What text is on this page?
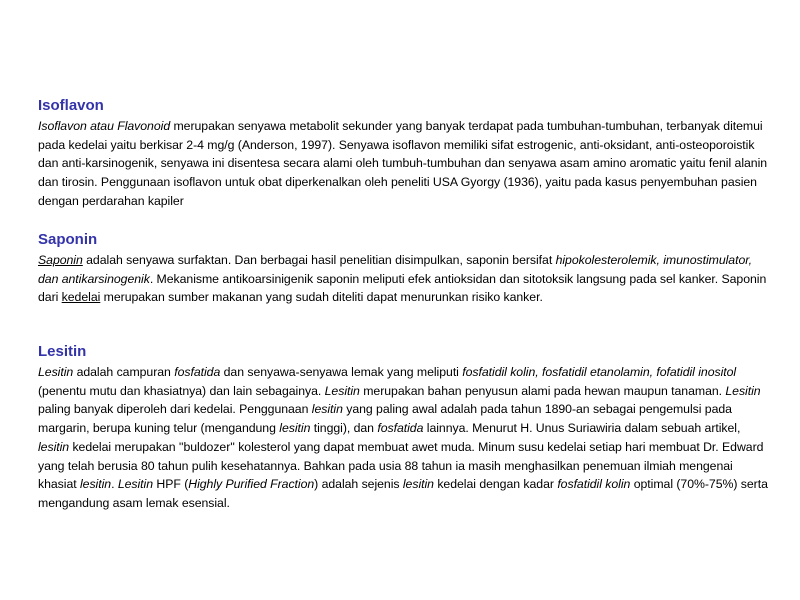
Isoflavon

Isoflavon atau Flavonoid merupakan senyawa metabolit sekunder yang banyak terdapat pada tumbuhan-tumbuhan, terbanyak ditemui pada kedelai yaitu berkisar 2-4 mg/g (Anderson, 1997). Senyawa isoflavon memiliki sifat estrogenic, anti-oksidant, anti-osteoporoistik dan anti-karsinogenik, senyawa ini disentesa secara alami oleh tumbuh-tumbuhan dan senyawa asam amino aromatic yaitu fenil alanin dan tirosin. Penggunaan isoflavon untuk obat diperkenalkan oleh peneliti USA Gyorgy (1936), yaitu pada kasus penyembuhan pasien dengan perdarahan kapiler

Saponin

Saponin adalah senyawa surfaktan. Dan berbagai hasil penelitian disimpulkan, saponin bersifat hipokolesterolemik, imunostimulator, dan antikarsinogenik. Mekanisme antikoarsinigenik saponin meliputi efek antioksidan dan sitotoksik langsung pada sel kanker. Saponin dari kedelai merupakan sumber makanan yang sudah diteliti dapat menurunkan risiko kanker.

Lesitin

Lesitin adalah campuran fosfatida dan senyawa-senyawa lemak yang meliputi fosfatidil kolin, fosfatidil etanolamin, fofatidil inositol (penentu mutu dan khasiatnya) dan lain sebagainya. Lesitin merupakan bahan penyusun alami pada hewan maupun tanaman. Lesitin paling banyak diperoleh dari kedelai. Penggunaan lesitin yang paling awal adalah pada tahun 1890-an sebagai pengemulsi pada margarin, berupa kuning telur (mengandung lesitin tinggi), dan fosfatida lainnya. Menurut H. Unus Suriawiria dalam sebuah artikel, lesitin kedelai merupakan ''buldozer'' kolesterol yang dapat membuat awet muda. Minum susu kedelai setiap hari membuat Dr. Edward yang telah berusia 80 tahun pulih kesehatannya. Bahkan pada usia 88 tahun ia masih menghasilkan penemuan ilmiah mengenai khasiat lesitin. Lesitin HPF (Highly Purified Fraction) adalah sejenis lesitin kedelai dengan kadar fosfatidil kolin optimal (70%-75%) serta mengandung asam lemak esensial.
